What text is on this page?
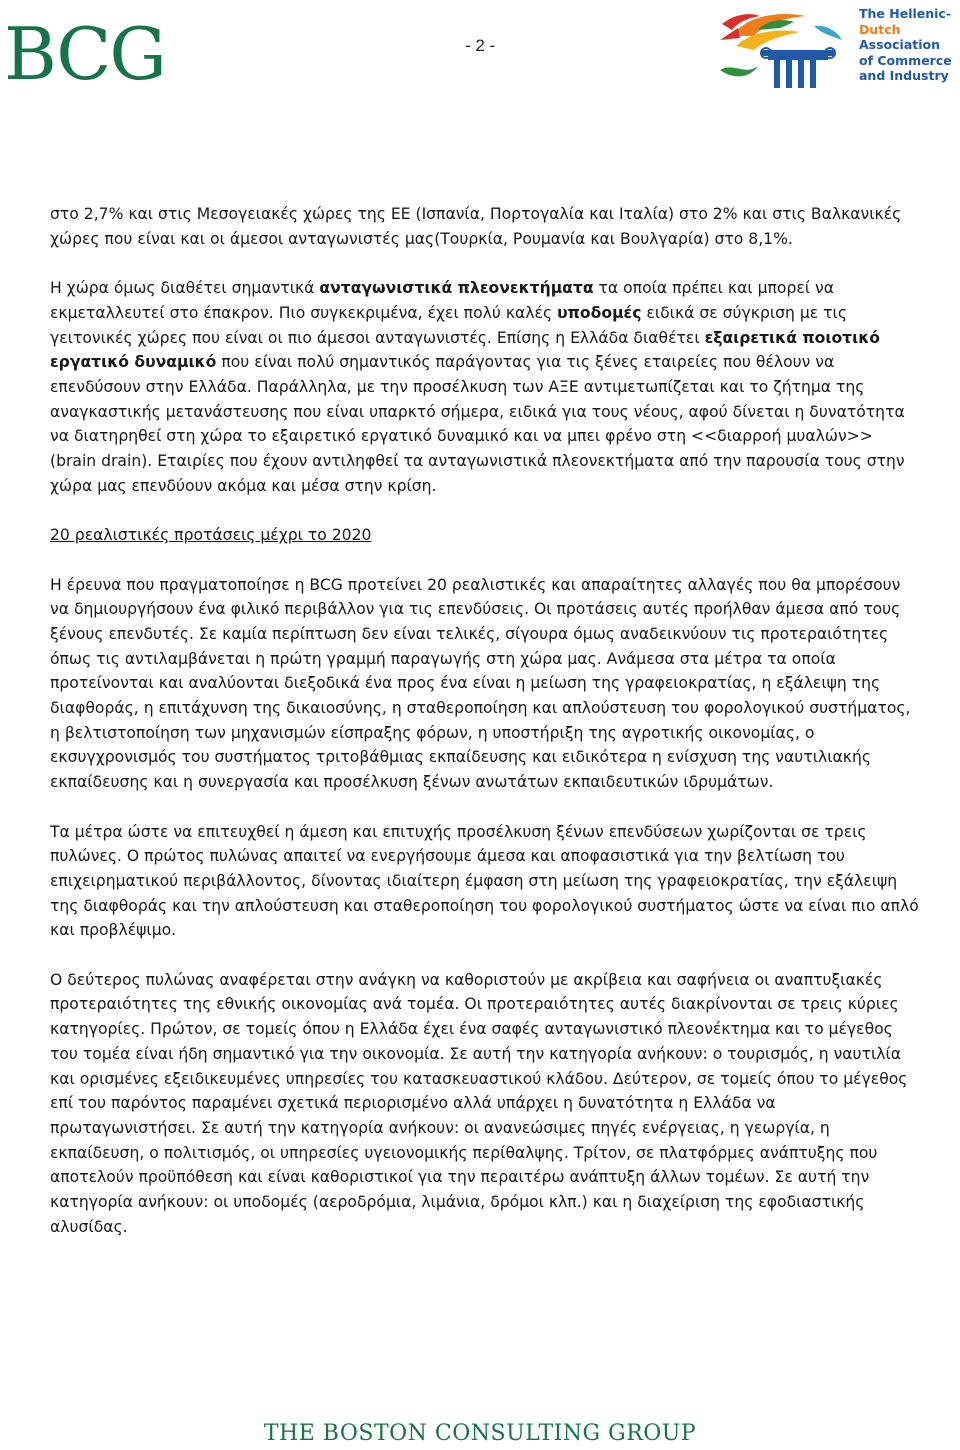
BCG	- 2 -
The Hellenic-
Dutch
Association
of Commerce
and Industry

στο 2,7% και στις Μεσογειακές χώρες της ΕΕ (Ισπανία, Πορτογαλία και Ιταλία) στο 2% και στις Βαλκανικές χώρες που είναι και οι άμεσοι ανταγωνιστές μας(Τουρκία, Ρουμανία και Βουλγαρία) στο 8,1%.

Η χώρα όμως διαθέτει σημαντικά ανταγωνιστικά πλεονεκτήματα τα οποία πρέπει και μπορεί να εκμεταλλευτεί στο έπακρον. Πιο συγκεκριμένα, έχει πολύ καλές υποδομές ειδικά σε σύγκριση με τις γειτονικές χώρες που είναι οι πιο άμεσοι ανταγωνιστές. Επίσης η Ελλάδα διαθέτει εξαιρετικά ποιοτικό εργατικό δυναμικό που είναι πολύ σημαντικός παράγοντας για τις ξένες εταιρείες που θέλουν να επενδύσουν στην Ελλάδα. Παράλληλα, με την προσέλκυση των ΑΞΕ αντιμετωπίζεται και το ζήτημα της αναγκαστικής μετανάστευσης που είναι υπαρκτό σήμερα, ειδικά για τους νέους, αφού δίνεται η δυνατότητα να διατηρηθεί στη χώρα το εξαιρετικό εργατικό δυναμικό και να μπει φρένο στη <<διαρροή μυαλών>> (brain drain). Εταιρίες που έχουν αντιληφθεί τα ανταγωνιστικά πλεονεκτήματα από την παρουσία τους στην χώρα μας επενδύουν ακόμα και μέσα στην κρίση.

20 ρεαλιστικές προτάσεις μέχρι το 2020

Η έρευνα που πραγματοποίησε η BCG προτείνει 20 ρεαλιστικές και απαραίτητες αλλαγές που θα μπορέσουν να δημιουργήσουν ένα φιλικό περιβάλλον για τις επενδύσεις. Οι προτάσεις αυτές προήλθαν άμεσα από τους ξένους επενδυτές. Σε καμία περίπτωση δεν είναι τελικές, σίγουρα όμως αναδεικνύουν τις προτεραιότητες όπως τις αντιλαμβάνεται η πρώτη γραμμή παραγωγής στη χώρα μας. Ανάμεσα στα μέτρα τα οποία προτείνονται και αναλύονται διεξοδικά ένα προς ένα είναι η μείωση της γραφειοκρατίας, η εξάλειψη της διαφθοράς, η επιτάχυνση της δικαιοσύνης, η σταθεροποίηση και απλούστευση του φορολογικού συστήματος, η βελτιστοποίηση των μηχανισμών είσπραξης φόρων, η υποστήριξη της αγροτικής οικονομίας, ο εκσυγχρονισμός του συστήματος τριτοβάθμιας εκπαίδευσης και ειδικότερα η ενίσχυση της ναυτιλιακής εκπαίδευσης και η συνεργασία και προσέλκυση ξένων ανωτάτων εκπαιδευτικών ιδρυμάτων.

Τα μέτρα ώστε να επιτευχθεί η άμεση και επιτυχής προσέλκυση ξένων επενδύσεων χωρίζονται σε τρεις πυλώνες. Ο πρώτος πυλώνας απαιτεί να ενεργήσουμε άμεσα και αποφασιστικά για την βελτίωση του επιχειρηματικού περιβάλλοντος, δίνοντας ιδιαίτερη έμφαση στη μείωση της γραφειοκρατίας, την εξάλειψη της διαφθοράς και την απλούστευση και σταθεροποίηση του φορολογικού συστήματος ώστε να είναι πιο απλό και προβλέψιμο.

Ο δεύτερος πυλώνας αναφέρεται στην ανάγκη να καθοριστούν με ακρίβεια και σαφήνεια οι αναπτυξιακές προτεραιότητες της εθνικής οικονομίας ανά τομέα. Οι προτεραιότητες αυτές διακρίνονται σε τρεις κύριες κατηγορίες. Πρώτον, σε τομείς όπου η Ελλάδα έχει ένα σαφές ανταγωνιστικό πλεονέκτημα και το μέγεθος του τομέα είναι ήδη σημαντικό για την οικονομία. Σε αυτή την κατηγορία ανήκουν: ο τουρισμός, η ναυτιλία και ορισμένες εξειδικευμένες υπηρεσίες του κατασκευαστικού κλάδου. Δεύτερον, σε τομείς όπου το μέγεθος επί του παρόντος παραμένει σχετικά περιορισμένο αλλά υπάρχει η δυνατότητα η Ελλάδα να πρωταγωνιστήσει. Σε αυτή την κατηγορία ανήκουν: οι ανανεώσιμες πηγές ενέργειας, η γεωργία, η εκπαίδευση, ο πολιτισμός, οι υπηρεσίες υγειονομικής περίθαλψης. Τρίτον, σε πλατφόρμες ανάπτυξης που αποτελούν προϋπόθεση και είναι καθοριστικοί για την περαιτέρω ανάπτυξη άλλων τομέων. Σε αυτή την κατηγορία ανήκουν: οι υποδομές (αεροδρόμια, λιμάνια, δρόμοι κλπ.) και η διαχείριση της εφοδιαστικής αλυσίδας.

THE BOSTON CONSULTING GROUP
